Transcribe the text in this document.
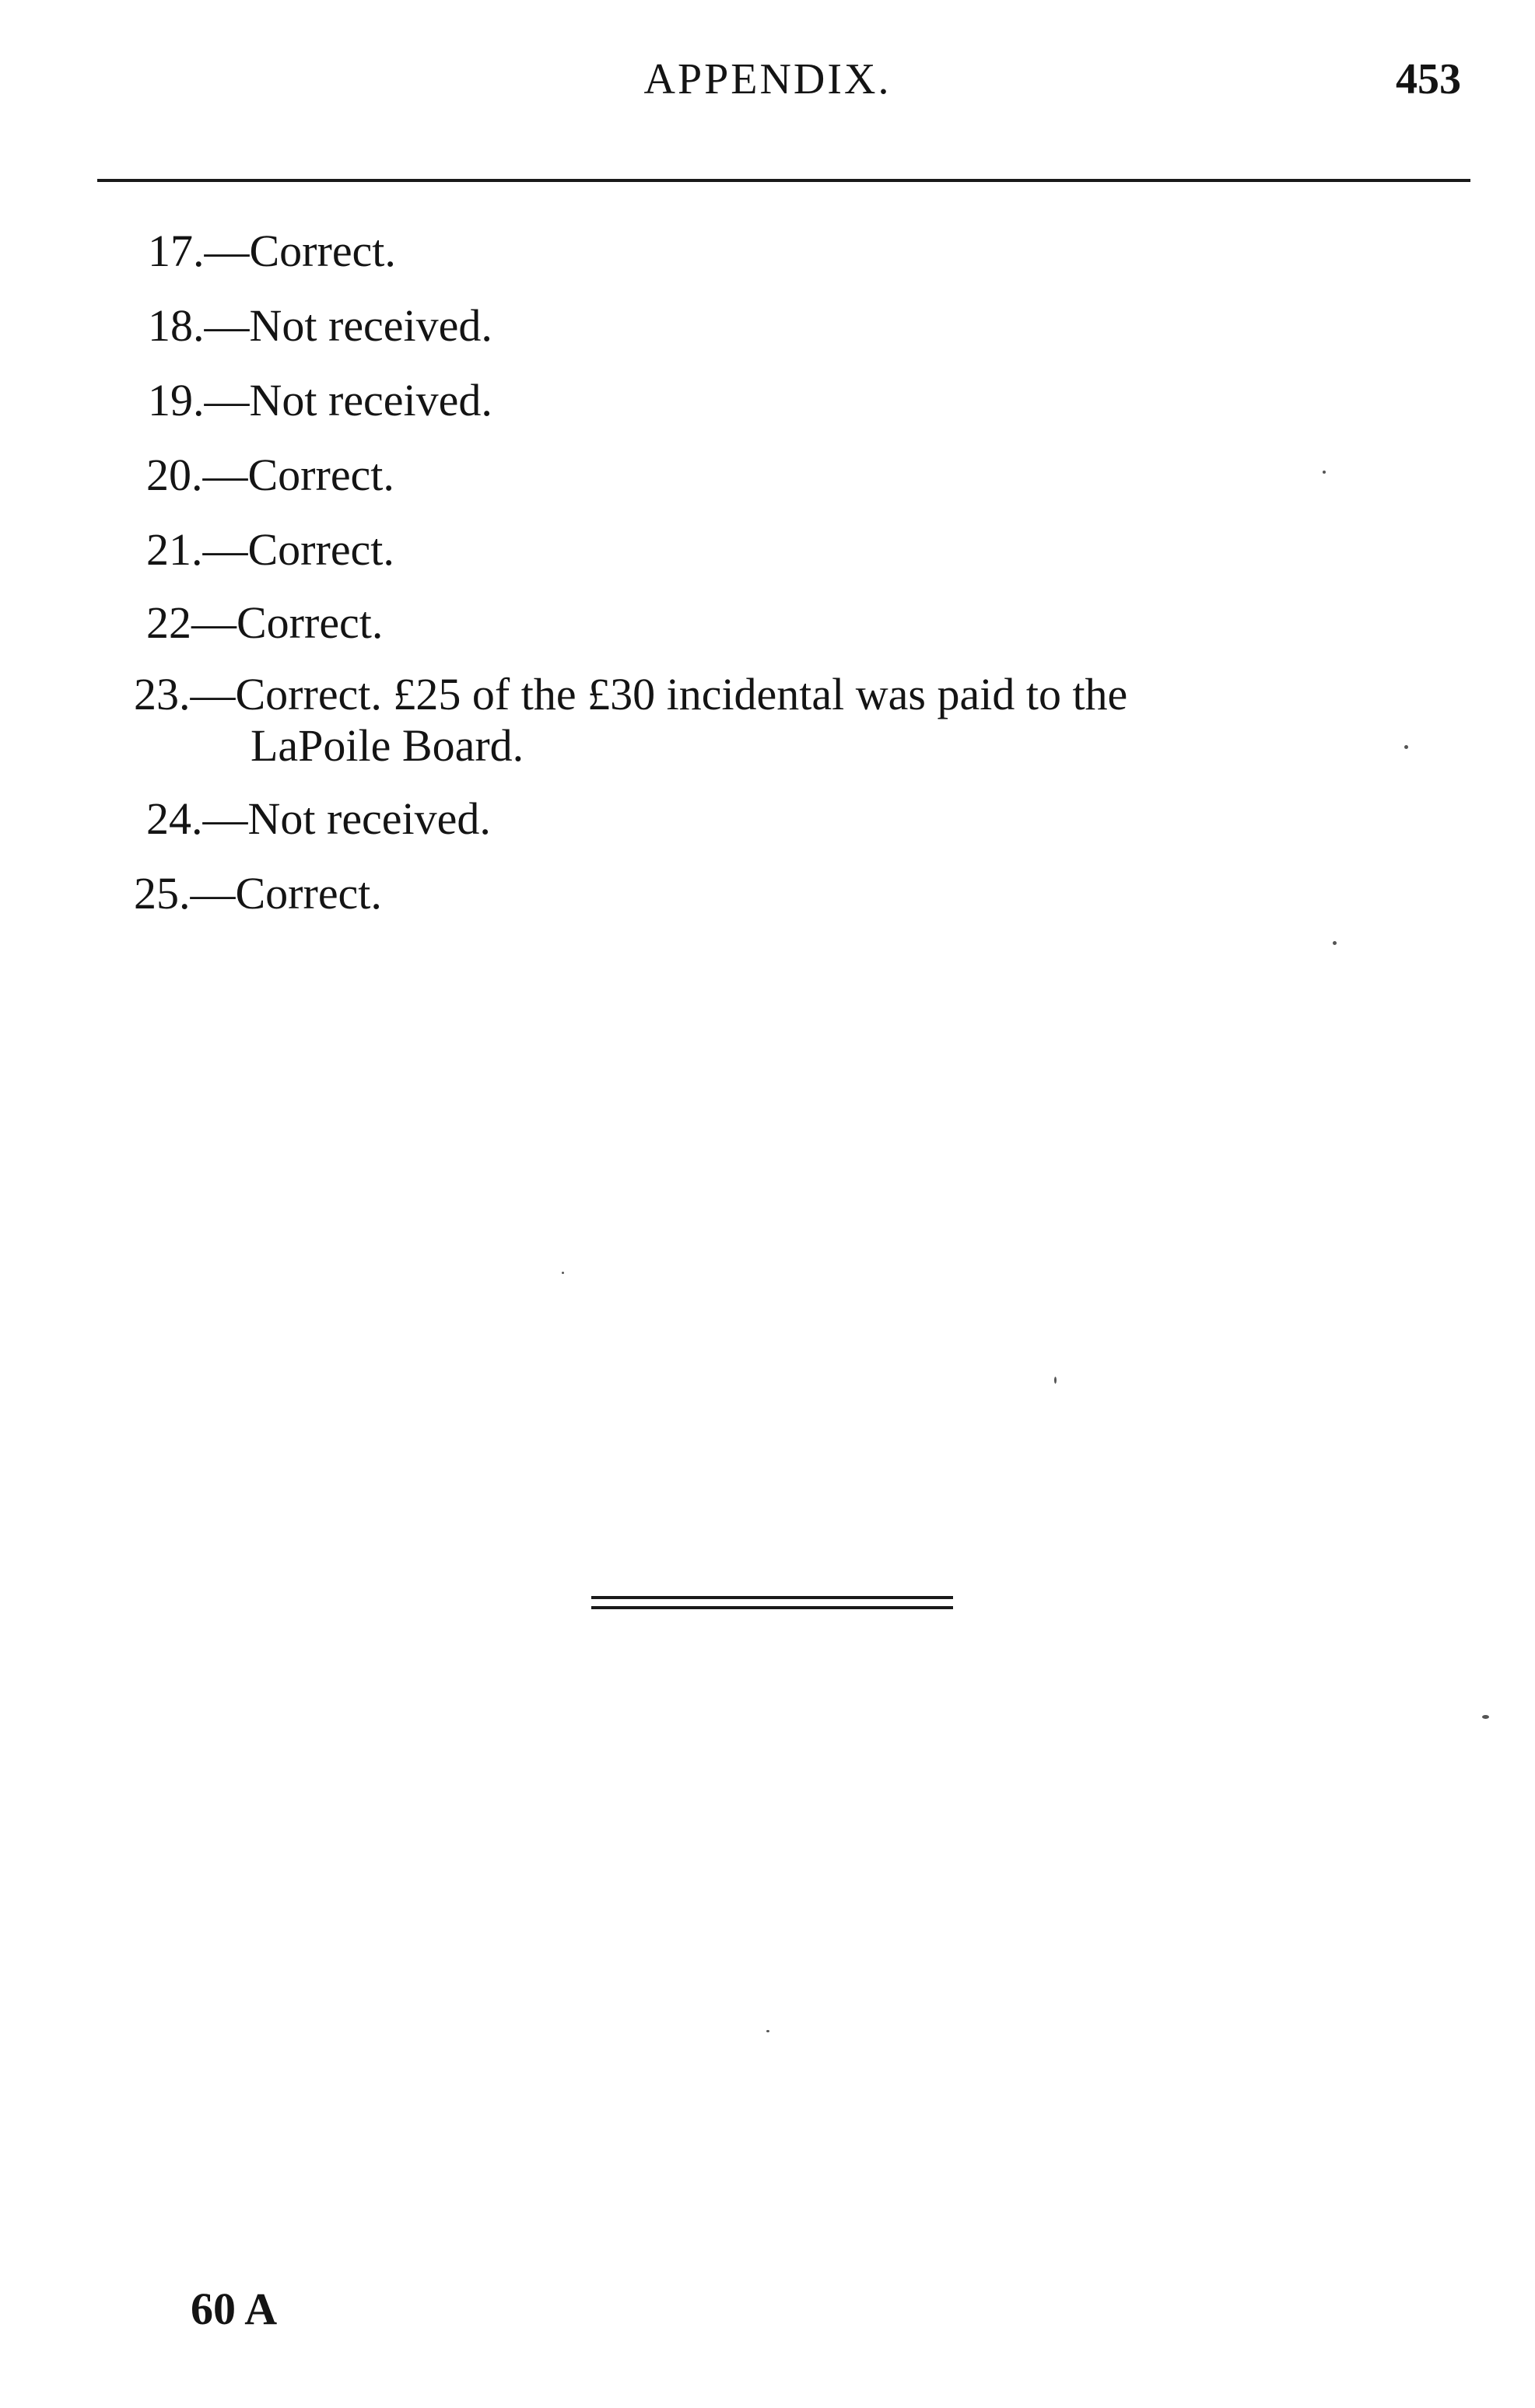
APPENDIX.	453
17.—Correct.
18.—Not received.
19.—Not received.
20.—Correct.
21.—Correct.
22—Correct.
23.—Correct. £25 of the £30 incidental was paid to the
LaPoile Board.
24.—Not received.
25.—Correct.
60 A
